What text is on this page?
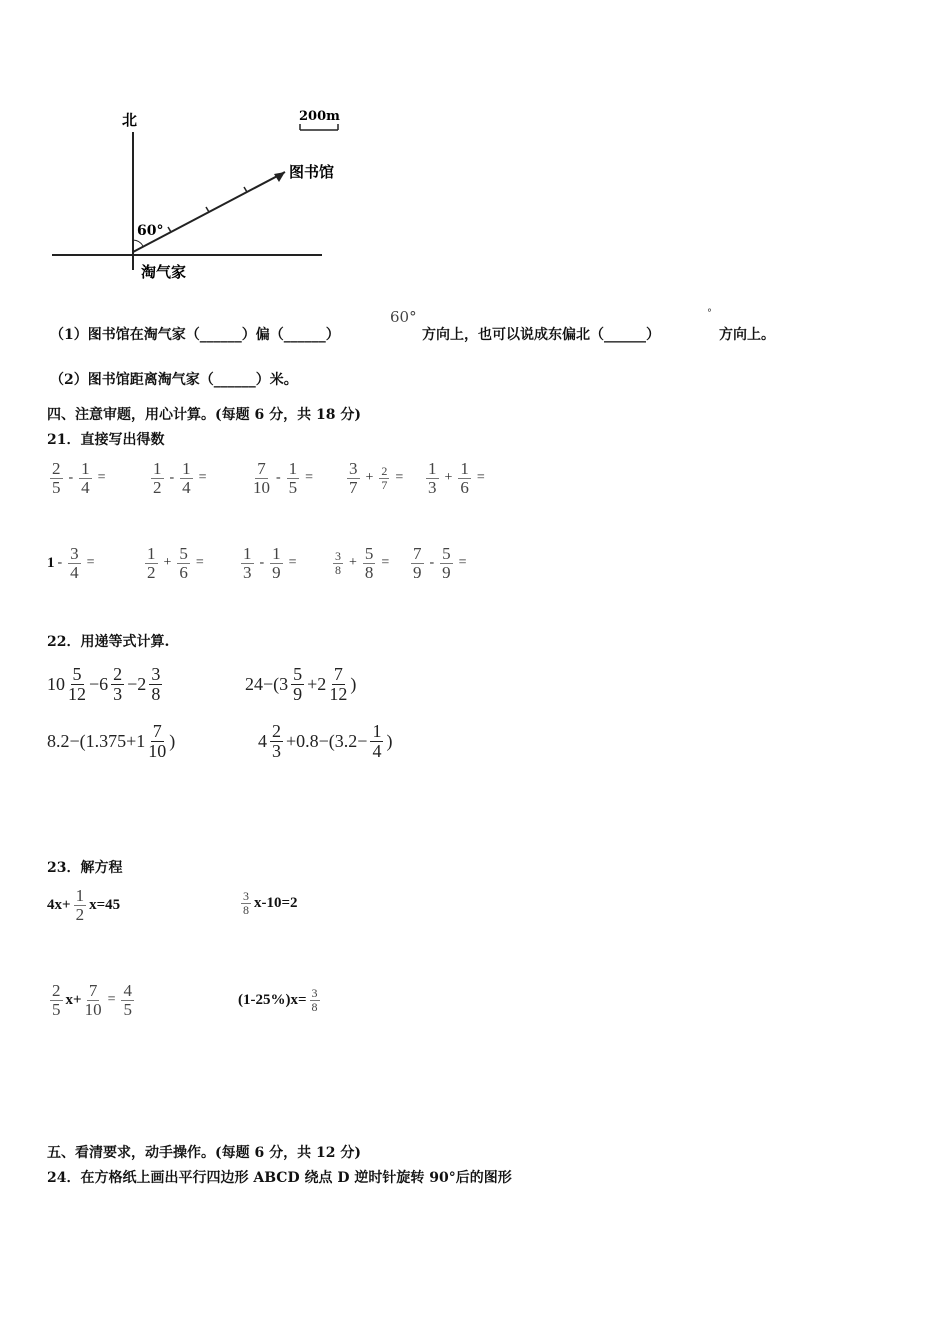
北	200m
图书馆
60°
淘气家
（1）图书馆在淘气家（______）偏（______）
60°
方向上，也可以说成东偏北（______）
°
方向上。
（2）图书馆距离淘气家（______）米。
四、注意审题，用心计算。(每题 6 分，共 18 分)
21．直接写出得数
22．用递等式计算.
23．解方程
五、看清要求，动手操作。(每题 6 分，共 12 分)
24．在方格纸上画出平行四边形 ABCD 绕点 D 逆时针旋转 90°后的图形
$\frac{2}{5} - \frac{1}{4}$ =	$\frac{1}{2} - \frac{1}{4}$ =	$\frac{7}{10} - \frac{1}{5} = \frac{3}{7} + \frac{2}{7} = \frac{1}{3} + \frac{1}{6}$ =
$1 - \frac{3}{4}$ =	$\frac{1}{2} + \frac{5}{6} = \frac{1}{3} - \frac{1}{9}$ =	$\frac{3}{8} + \frac{5}{8} = \frac{7}{9} - \frac{5}{9}$ =
$10 \frac{5}{12} -6 \frac{2}{3} -2 \frac{3}{8}$	$24-(3 \frac{5}{9} +2 \frac{7}{12}$ )
$8.2-(1.375+1 \frac{7}{10}$ )	$4 \frac{2}{3} +0.8-(3.2- \frac{1}{4}$ )
$4x+ \frac{1}{2} x=45$	$\frac{3}{8} x-10=2$
$\frac{2}{5} x+ \frac{7}{10} = \frac{4}{5}$	$(1-25\%)x= \frac{3}{8}$
